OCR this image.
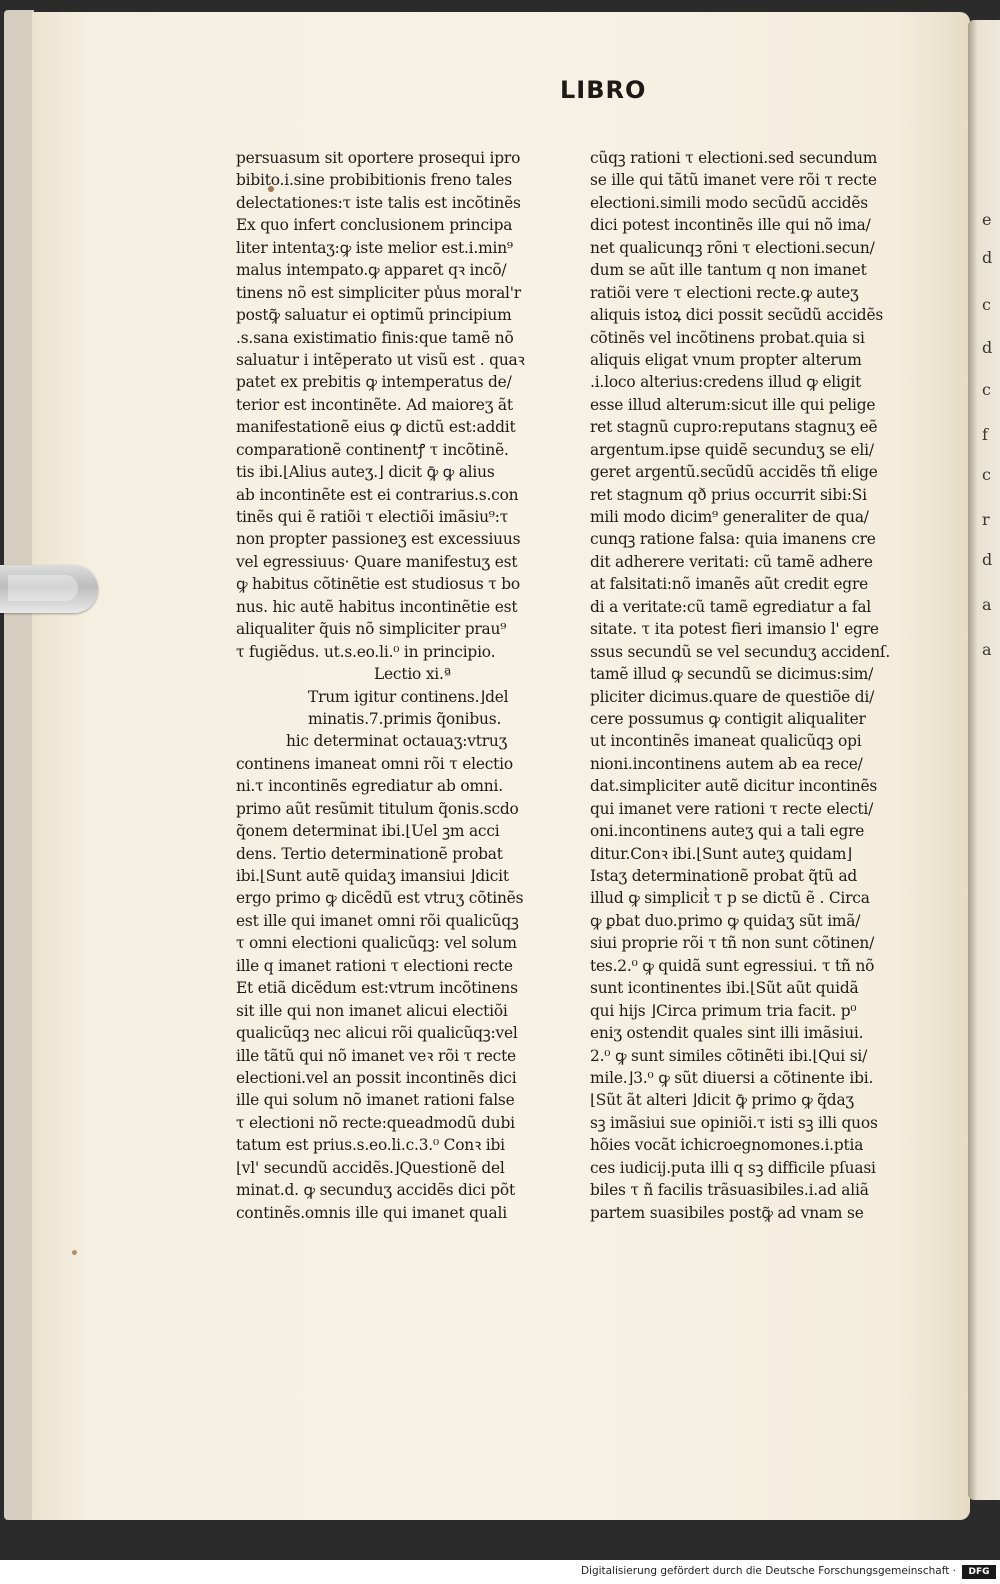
e
d
c
d
c
f
c
r
d
a
a
LIBRO
persuasum sit oportere prosequi ipro
bibito.i.sine probibitionis freno tales
delectationes:τ iste talis est incõtinẽs
Ex quo infert conclusionem principa
liter intentaʒ:ꝙ iste melior est.i.min⁹
malus intempato.ꝙ apparet qꝛ incõ/
tinens nõ est simpliciter pu̾us moral'r
postꝙ̃ saluatur ei optimũ principium
.s.sana existimatio finis:que tamẽ nõ
saluatur i intẽperato ut visũ est . quaꝛ
patet ex prebitis ꝙ intemperatus de/
terior est incontinẽte. Ad maioreʒ ãt
manifestationẽ eius ꝙ dictũ est:addit
comparationẽ continentꝭ τ incõtinẽ.
tis ibi.⌊Alius auteʒ.⌋ dicit ꝙ̄ ꝙ alius
ab incontinẽte est ei contrarius.s.con
tinẽs qui ẽ ratiõi τ electiõi imãsiu⁹:τ
non propter passioneʒ est excessiuus
vel egressiuus· Quare manifestuʒ est
ꝙ habitus cõtinẽtie est studiosus τ bo
nus. hic autẽ habitus incontinẽtie est
aliqualiter q̃uis nõ simpliciter prau⁹
τ fugiẽdus. ut.s.eo.li.⁰ in principio.
Lectio xi.ª
Trum igitur continens.⌋del
minatis.7.primis q̃onibus.
hic determinat octauaʒ:vtruʒ
continens imaneat omni rõi τ electio
ni.τ incontinẽs egrediatur ab omni.
primo aũt resũmit titulum q̃onis.scdo
q̃onem determinat ibi.⌊Uel ꝫm acci
dens. Tertio determinationẽ probat
ibi.⌊Sunt autẽ quidaʒ imansiui ⌋dicit
ergo primo ꝙ dicẽdũ est vtruʒ cõtinẽs
est ille qui imanet omni rõi qualicũqꝫ
τ omni electioni qualicũqꝫ: vel solum
ille q imanet rationi τ electioni recte
Et etiã dicẽdum est:vtrum incõtinens
sit ille qui non imanet alicui electiõi
qualicũqꝫ nec alicui rõi qualicũqꝫ:vel
ille tãtũ qui nõ imanet veꝛ rõi τ recte
electioni.vel an possit incontinẽs dici
ille qui solum nõ imanet rationi false
τ electioni nõ recte:queadmodũ dubi
tatum est prius.s.eo.li.c.3.⁰ Conꝛ ibi
⌊vl' secundũ accidẽs.⌋Questionẽ del
minat.d. ꝙ secunduʒ accidẽs dici põt
continẽs.omnis ille qui imanet quali
cũqꝫ rationi τ electioni.sed secundum
se ille qui tãtũ imanet vere rõi τ recte
electioni.simili modo secũdũ accidẽs
dici potest incontinẽs ille qui nõ ima/
net qualicunqꝫ rõni τ electioni.secun/
dum se aũt ille tantum q non imanet
ratiõi vere τ electioni recte.ꝙ auteʒ
aliquis istoꝝ dici possit secũdũ accidẽs
cõtinẽs vel incõtinens probat.quia si
aliquis eligat vnum propter alterum
.i.loco alterius:credens illud ꝙ eligit
esse illud alterum:sicut ille qui pelige
ret stagnũ cupro:reputans stagnuʒ eẽ
argentum.ipse quidẽ secunduʒ se eli/
geret argentũ.secũdũ accidẽs tñ elige
ret stagnum qð prius occurrit sibi:Si
mili modo dicim⁹ generaliter de qua/
cunqꝫ ratione falsa: quia imanens cre
dit adherere veritati: cũ tamẽ adhere
at falsitati:nõ imanẽs aũt credit egre
di a veritate:cũ tamẽ egrediatur a fal
sitate. τ ita potest fieri imansio l' egre
ssus secundũ se vel secunduʒ accidenſ.
tamẽ illud ꝙ secundũ se dicimus:sim/
pliciter dicimus.quare de questiõe di/
cere possumus ꝙ contigit aliqualiter
ut incontinẽs imaneat qualicũqꝫ opi
nioni.incontinens autem ab ea rece/
dat.simpliciter autẽ dicitur incontinẽs
qui imanet vere rationi τ recte electi/
oni.incontinens auteʒ qui a tali egre
ditur.Conꝛ ibi.⌊Sunt auteʒ quidam⌋
Istaʒ determinationẽ probat q̃tũ ad
illud ꝙ simplicit̾ τ p se dictũ ẽ . Circa
ꝙ ꝑbat duo.primo ꝙ quidaʒ sũt imã/
siui proprie rõi τ tñ non sunt cõtinen/
tes.2.⁰ ꝙ quidã sunt egressiui. τ tñ nõ
sunt icontinentes ibi.⌊Sũt aũt quidã
qui hijs ⌋Circa primum tria facit. p⁰
eniʒ ostendit quales sint illi imãsiui.
2.⁰ ꝙ sunt similes cõtinẽti ibi.⌊Qui si/
mile.⌋3.⁰ ꝙ sũt diuersi a cõtinente ibi.
⌊Sũt ãt alteri ⌋dicit ꝙ̄ primo ꝙ q̃daʒ
sꝫ imãsiui sue opiniõi.τ isti sꝫ illi quos
hõies vocãt ichicroegnomones.i.ptia
ces iudicij.puta illi q sꝫ difficile pſuasi
biles τ ñ facilis trãsuasibiles.i.ad aliã
partem suasibiles postꝙ̃ ad vnam se
Digitalisierung gefördert durch die Deutsche Forschungsgemeinschaft ·	DFG
